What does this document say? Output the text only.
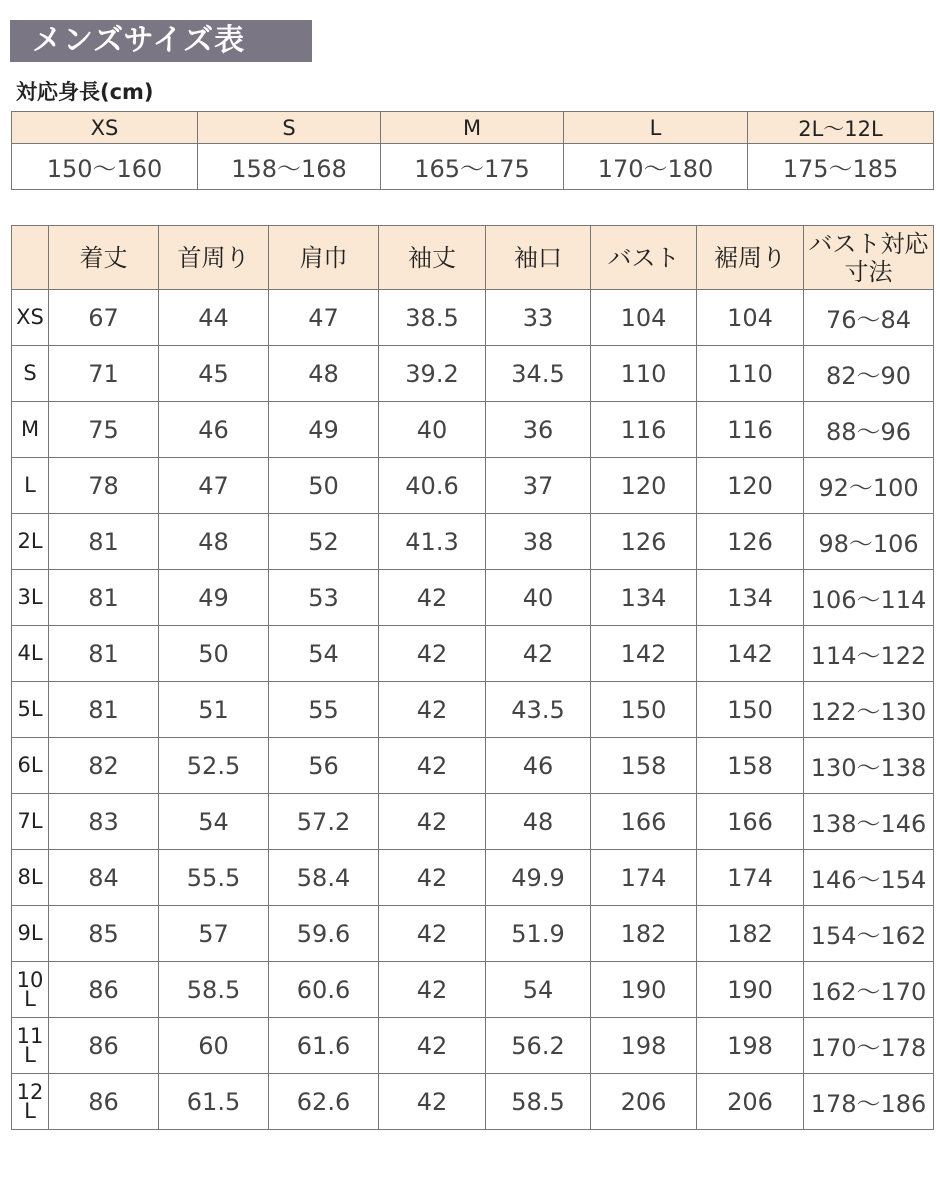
メンズサイズ表
対応身長(cm)
XS	S	M	L	2L〜12L
150〜160	158〜168	165〜175	170〜180	175〜185
	着丈	首周り	肩巾	袖丈	袖口	バスト	裾周り	バスト対応寸法
XS	67	44	47	38.5	33	104	104	76〜84
S	71	45	48	39.2	34.5	110	110	82〜90
M	75	46	49	40	36	116	116	88〜96
L	78	47	50	40.6	37	120	120	92〜100
2L	81	48	52	41.3	38	126	126	98〜106
3L	81	49	53	42	40	134	134	106〜114
4L	81	50	54	42	42	142	142	114〜122
5L	81	51	55	42	43.5	150	150	122〜130
6L	82	52.5	56	42	46	158	158	130〜138
7L	83	54	57.2	42	48	166	166	138〜146
8L	84	55.5	58.4	42	49.9	174	174	146〜154
9L	85	57	59.6	42	51.9	182	182	154〜162
10L	86	58.5	60.6	42	54	190	190	162〜170
11L	86	60	61.6	42	56.2	198	198	170〜178
12L	86	61.5	62.6	42	58.5	206	206	178〜186
